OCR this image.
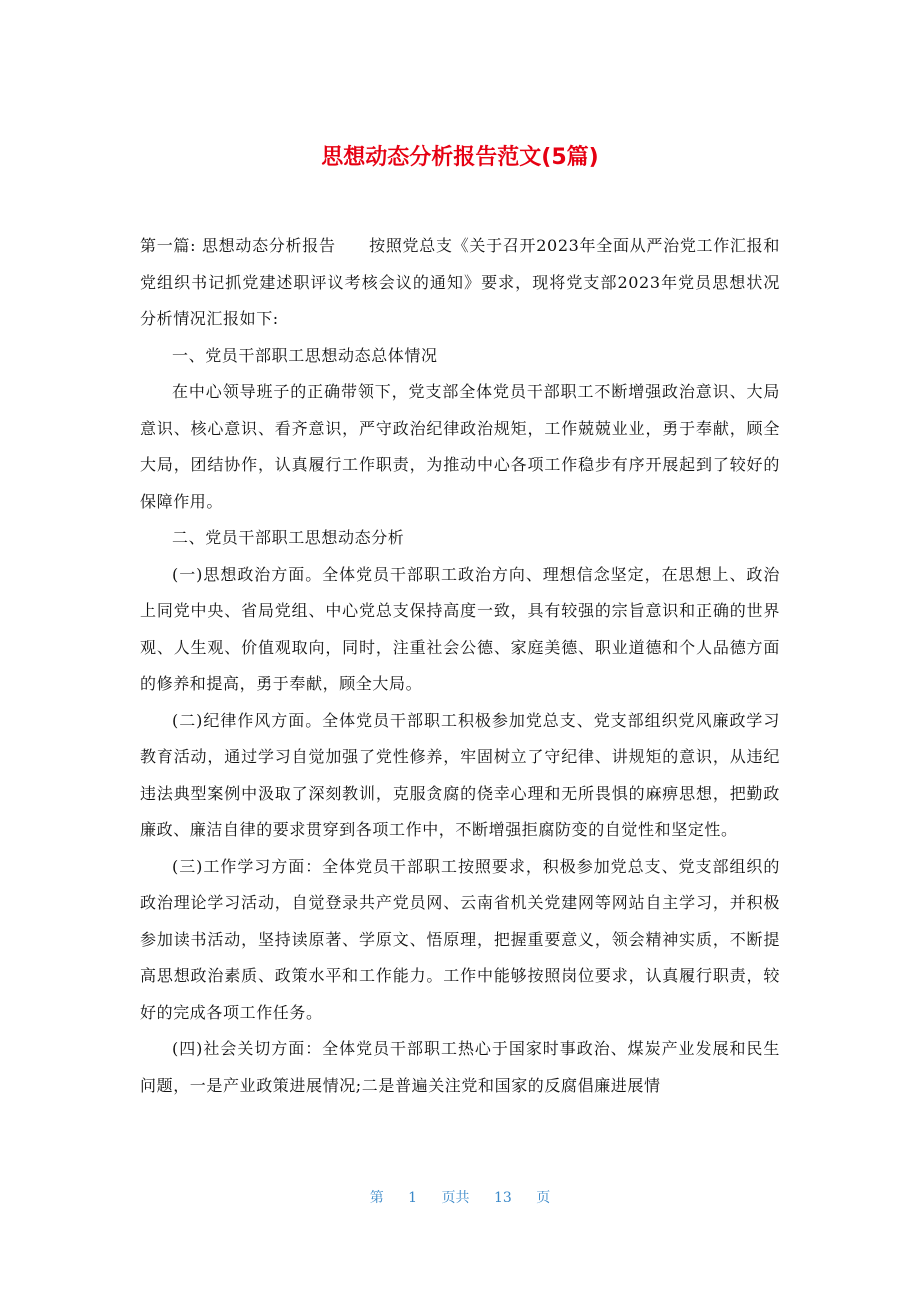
思想动态分析报告范文(5篇)

第一篇: 思想动态分析报告　　按照党总支《关于召开2023年全面从严治党工作汇报和党组织书记抓党建述职评议考核会议的通知》要求，现将党支部2023年党员思想状况分析情况汇报如下:

一、党员干部职工思想动态总体情况

在中心领导班子的正确带领下，党支部全体党员干部职工不断增强政治意识、大局意识、核心意识、看齐意识，严守政治纪律政治规矩，工作兢兢业业，勇于奉献，顾全大局，团结协作，认真履行工作职责，为推动中心各项工作稳步有序开展起到了较好的保障作用。

二、党员干部职工思想动态分析

(一)思想政治方面。全体党员干部职工政治方向、理想信念坚定，在思想上、政治上同党中央、省局党组、中心党总支保持高度一致，具有较强的宗旨意识和正确的世界观、人生观、价值观取向，同时，注重社会公德、家庭美德、职业道德和个人品德方面的修养和提高，勇于奉献，顾全大局。

(二)纪律作风方面。全体党员干部职工积极参加党总支、党支部组织党风廉政学习教育活动，通过学习自觉加强了党性修养，牢固树立了守纪律、讲规矩的意识，从违纪违法典型案例中汲取了深刻教训，克服贪腐的侥幸心理和无所畏惧的麻痹思想，把勤政廉政、廉洁自律的要求贯穿到各项工作中，不断增强拒腐防变的自觉性和坚定性。

(三)工作学习方面：全体党员干部职工按照要求，积极参加党总支、党支部组织的政治理论学习活动，自觉登录共产党员网、云南省机关党建网等网站自主学习，并积极参加读书活动，坚持读原著、学原文、悟原理，把握重要意义，领会精神实质，不断提高思想政治素质、政策水平和工作能力。工作中能够按照岗位要求，认真履行职责，较好的完成各项工作任务。

(四)社会关切方面：全体党员干部职工热心于国家时事政治、煤炭产业发展和民生问题，一是产业政策进展情况;二是普遍关注党和国家的反腐倡廉进展情

第 1 页共 13 页
